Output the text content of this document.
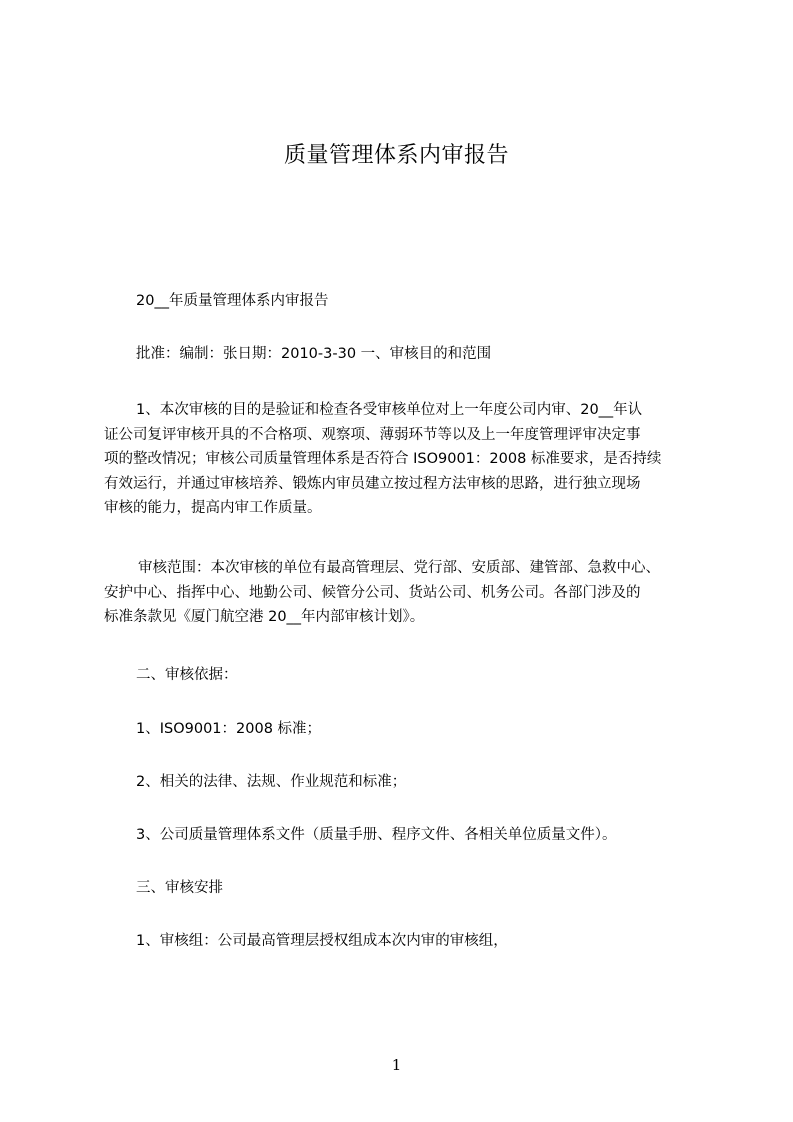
质量管理体系内审报告
20__年质量管理体系内审报告
批准：编制：张日期：2010-3-30 一、审核目的和范围
1、本次审核的目的是验证和检查各受审核单位对上一年度公司内审、20__年认
证公司复评审核开具的不合格项、观察项、薄弱环节等以及上一年度管理评审决定事
项的整改情况；审核公司质量管理体系是否符合 ISO9001：2008 标准要求，是否持续
有效运行，并通过审核培养、锻炼内审员建立按过程方法审核的思路，进行独立现场
审核的能力，提高内审工作质量。
审核范围：本次审核的单位有最高管理层、党行部、安质部、建管部、急救中心、
安护中心、指挥中心、地勤公司、候管分公司、货站公司、机务公司。各部门涉及的
标准条款见《厦门航空港 20__年内部审核计划》。
二、审核依据：
1、ISO9001：2008 标准；
2、相关的法律、法规、作业规范和标准；
3、公司质量管理体系文件（质量手册、程序文件、各相关单位质量文件）。
三、审核安排
1、审核组：公司最高管理层授权组成本次内审的审核组，
1
